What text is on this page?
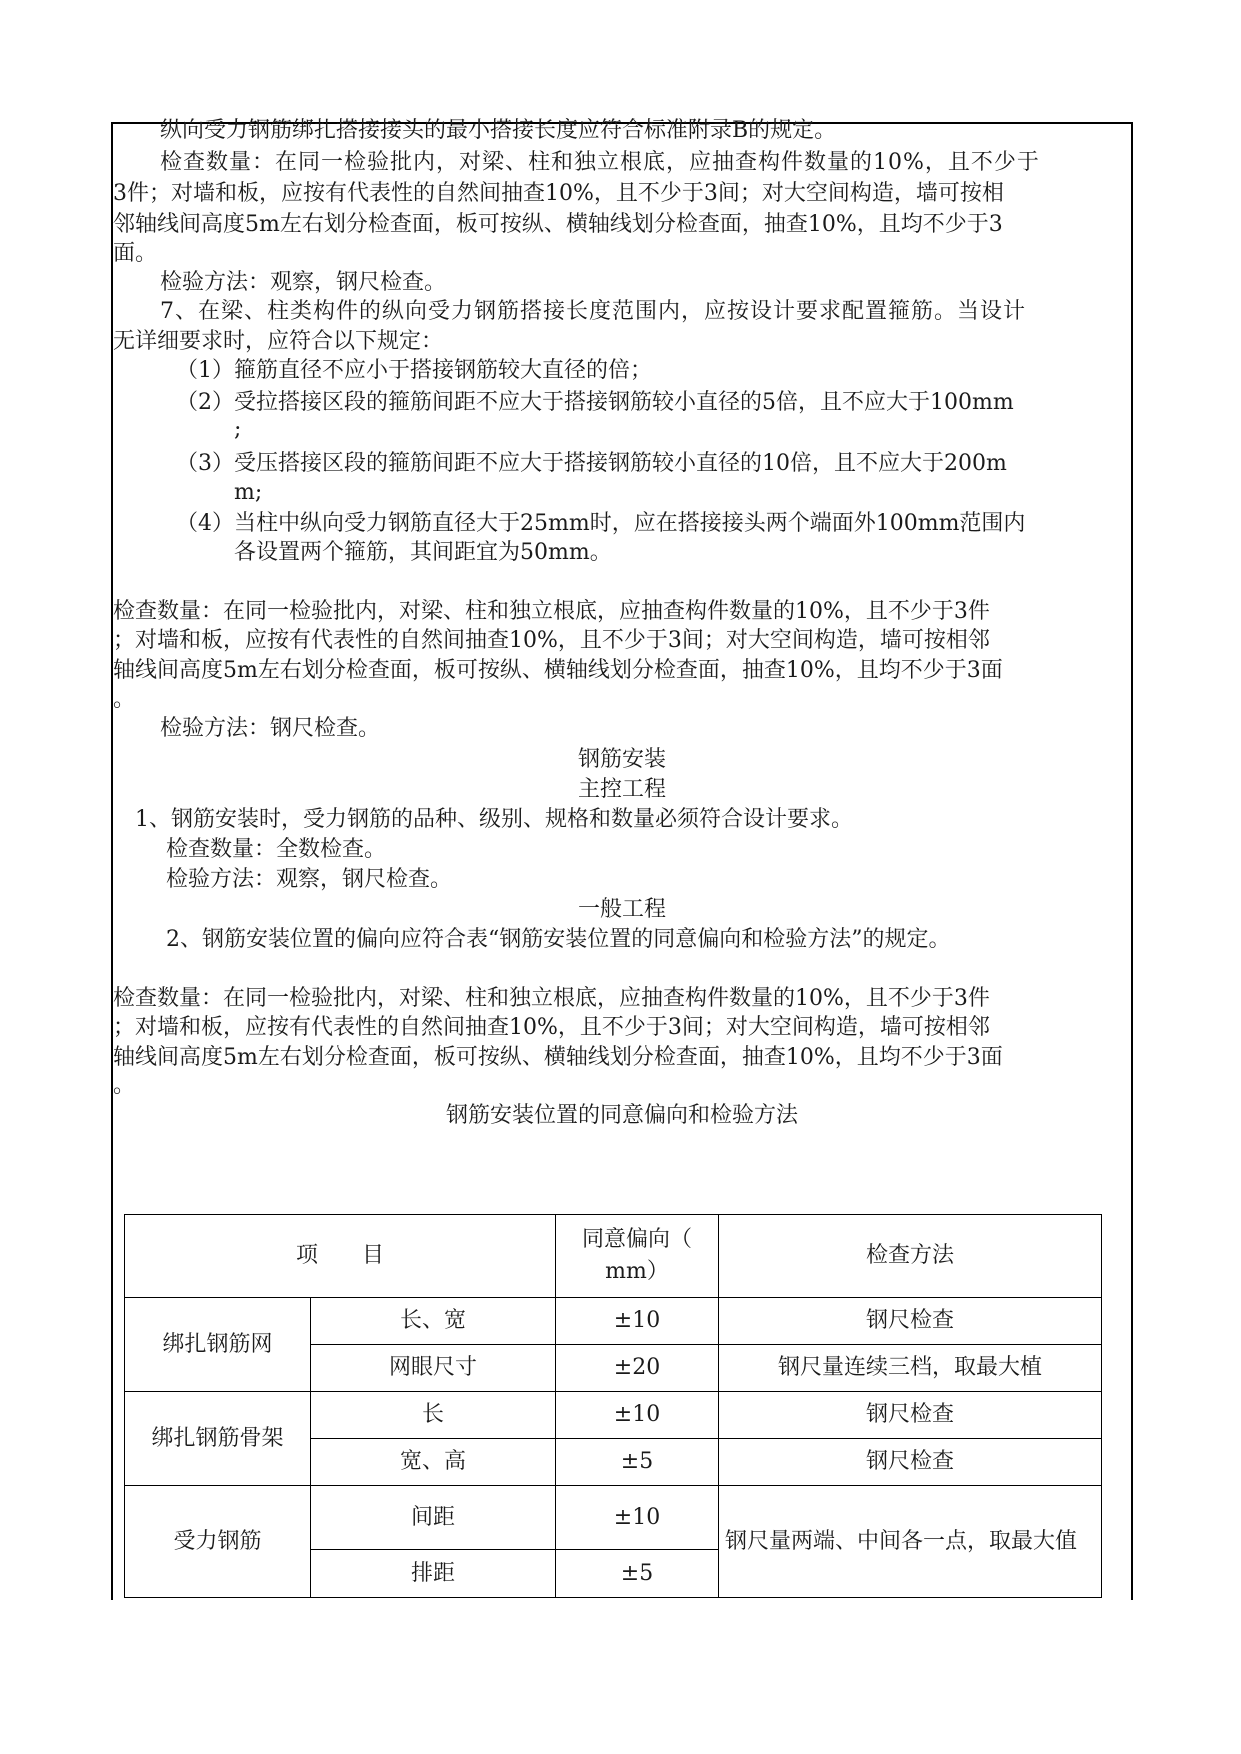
纵向受力钢筋绑扎搭接接头的最小搭接长度应符合标准附录B的规定。

检查数量：在同一检验批内，对梁、柱和独立根底，应抽查构件数量的10%，且不少于

3件；对墙和板，应按有代表性的自然间抽查10%，且不少于3间；对大空间构造，墙可按相

邻轴线间高度5m左右划分检查面，板可按纵、横轴线划分检查面，抽查10%，且均不少于3

面。

检验方法：观察，钢尺检查。

7、在梁、柱类构件的纵向受力钢筋搭接长度范围内，应按设计要求配置箍筋。当设计

无详细要求时，应符合以下规定：

（1） 箍筋直径不应小于搭接钢筋较大直径的倍；

（2） 受拉搭接区段的箍筋间距不应大于搭接钢筋较小直径的5倍，且不应大于100mm

;

（3） 受压搭接区段的箍筋间距不应大于搭接钢筋较小直径的10倍，且不应大于200m

m;

（4） 当柱中纵向受力钢筋直径大于25mm时，应在搭接接头两个端面外100mm范围内

各设置两个箍筋，其间距宜为50mm。

检查数量：在同一检验批内，对梁、柱和独立根底，应抽查构件数量的10%，且不少于3件

；对墙和板，应按有代表性的自然间抽查10%，且不少于3间；对大空间构造，墙可按相邻

轴线间高度5m左右划分检查面，板可按纵、横轴线划分检查面，抽查10%，且均不少于3面

。

检验方法：钢尺检查。

钢筋安装

主控工程

1、钢筋安装时，受力钢筋的品种、级别、规格和数量必须符合设计要求。

检查数量：全数检查。

检验方法：观察，钢尺检查。

一般工程

2、钢筋安装位置的偏向应符合表“钢筋安装位置的同意偏向和检验方法”的规定。

检查数量：在同一检验批内，对梁、柱和独立根底，应抽查构件数量的10%，且不少于3件

；对墙和板，应按有代表性的自然间抽查10%，且不少于3间；对大空间构造，墙可按相邻

轴线间高度5m左右划分检查面，板可按纵、横轴线划分检查面，抽查10%，且均不少于3面

。

钢筋安装位置的同意偏向和检验方法

项　　目		同意偏向（
mm）	检查方法
绑扎钢筋网	长、宽	±10	钢尺检查
	网眼尺寸	±20	钢尺量连续三档，取最大植
绑扎钢筋骨架	长	±10	钢尺检查
	宽、高	±5	钢尺检查
受力钢筋	间距	±10	钢尺量两端、中间各一点，取最大值
	排距	±5	
